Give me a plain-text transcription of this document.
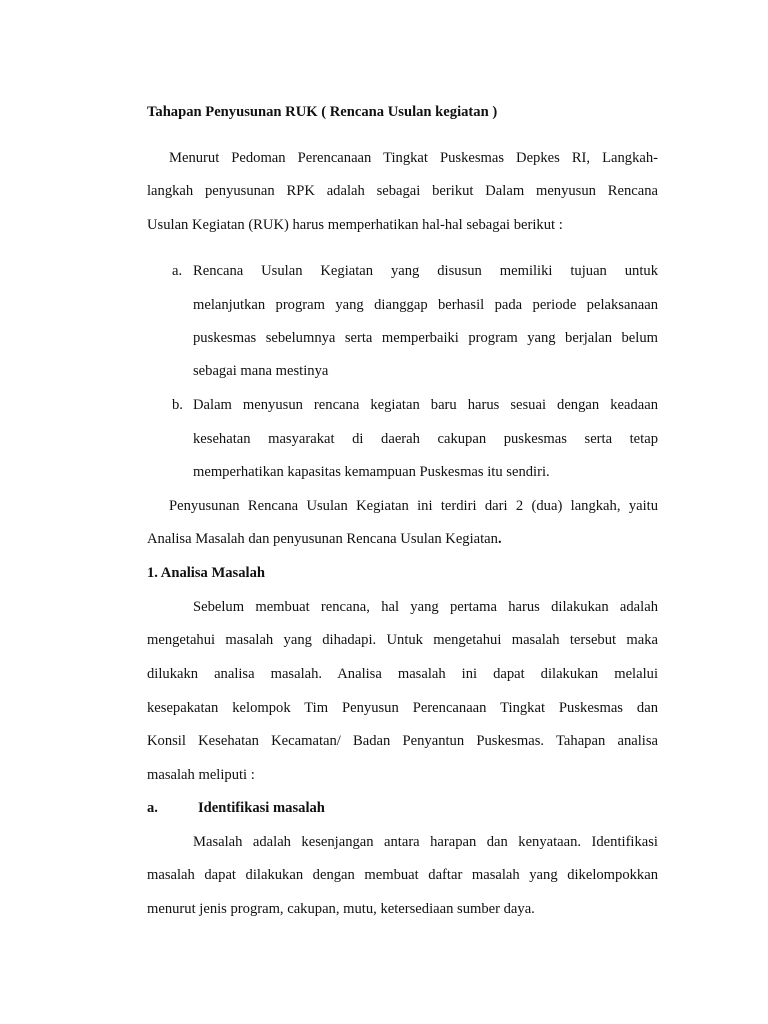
Tahapan Penyusunan RUK ( Rencana Usulan kegiatan )
Menurut Pedoman Perencanaan Tingkat Puskesmas Depkes RI, Langkah-
langkah penyusunan RPK adalah sebagai berikut Dalam menyusun Rencana
Usulan Kegiatan (RUK) harus memperhatikan hal-hal sebagai berikut :
a. Rencana Usulan Kegiatan yang disusun memiliki tujuan untuk
melanjutkan program yang dianggap berhasil pada periode pelaksanaan
puskesmas sebelumnya serta memperbaiki program yang berjalan belum
sebagai mana mestinya
b. Dalam menyusun rencana kegiatan baru harus sesuai dengan keadaan
kesehatan masyarakat di daerah cakupan puskesmas serta tetap
memperhatikan kapasitas kemampuan Puskesmas itu sendiri.
Penyusunan Rencana Usulan Kegiatan ini terdiri dari 2 (dua) langkah, yaitu
Analisa Masalah dan penyusunan Rencana Usulan Kegiatan.
1. Analisa Masalah
Sebelum membuat rencana, hal yang pertama harus dilakukan adalah
mengetahui masalah yang dihadapi. Untuk mengetahui masalah tersebut maka
dilukakn analisa masalah. Analisa masalah ini dapat dilakukan melalui
kesepakatan kelompok Tim Penyusun Perencanaan Tingkat Puskesmas dan
Konsil Kesehatan Kecamatan/ Badan Penyantun Puskesmas. Tahapan analisa
masalah meliputi :
a.	Identifikasi masalah
Masalah adalah kesenjangan antara harapan dan kenyataan. Identifikasi
masalah dapat dilakukan dengan membuat daftar masalah yang dikelompokkan
menurut jenis program, cakupan, mutu, ketersediaan sumber daya.
